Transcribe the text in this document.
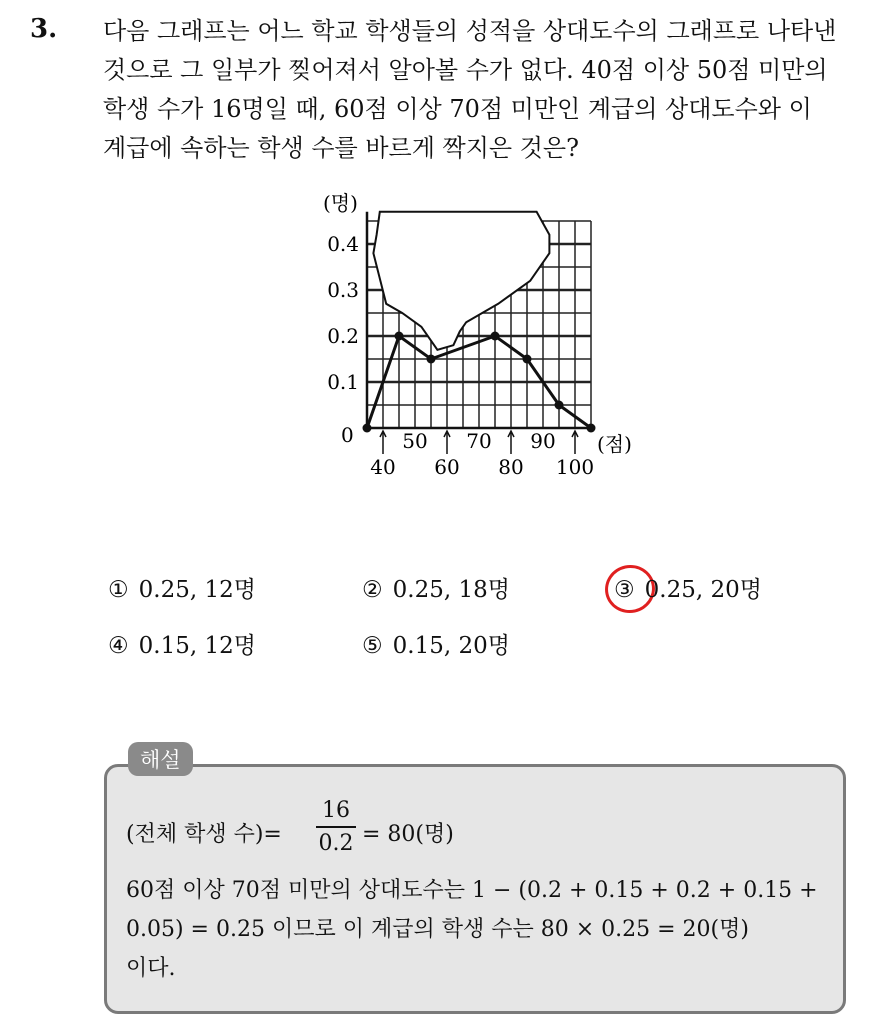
3. 다음 그래프는 어느 학교 학생들의 성적을 상대도수의 그래프로 나타낸
것으로 그 일부가 찢어져서 알아볼 수가 없다. 40점 이상 50점 미만의
학생 수가 16명일 때, 60점 이상 70점 미만인 계급의 상대도수와 이
계급에 속하는 학생 수를 바르게 짝지은 것은?
(명)
(점)
0
0.1
0.2
0.3
0.4
50 70 90
40 60 80 100
① 0.25, 12명	② 0.25, 18명	③ 0.25, 20명
④ 0.15, 12명	⑤ 0.15, 20명
해설
(전체 학생 수)=
16
0.2 = 80(명)
60점 이상 70점 미만의 상대도수는 1 − (0.2 + 0.15 + 0.2 + 0.15 +
0.05) = 0.25 이므로 이 계급의 학생 수는 80 × 0.25 = 20(명)
이다.
